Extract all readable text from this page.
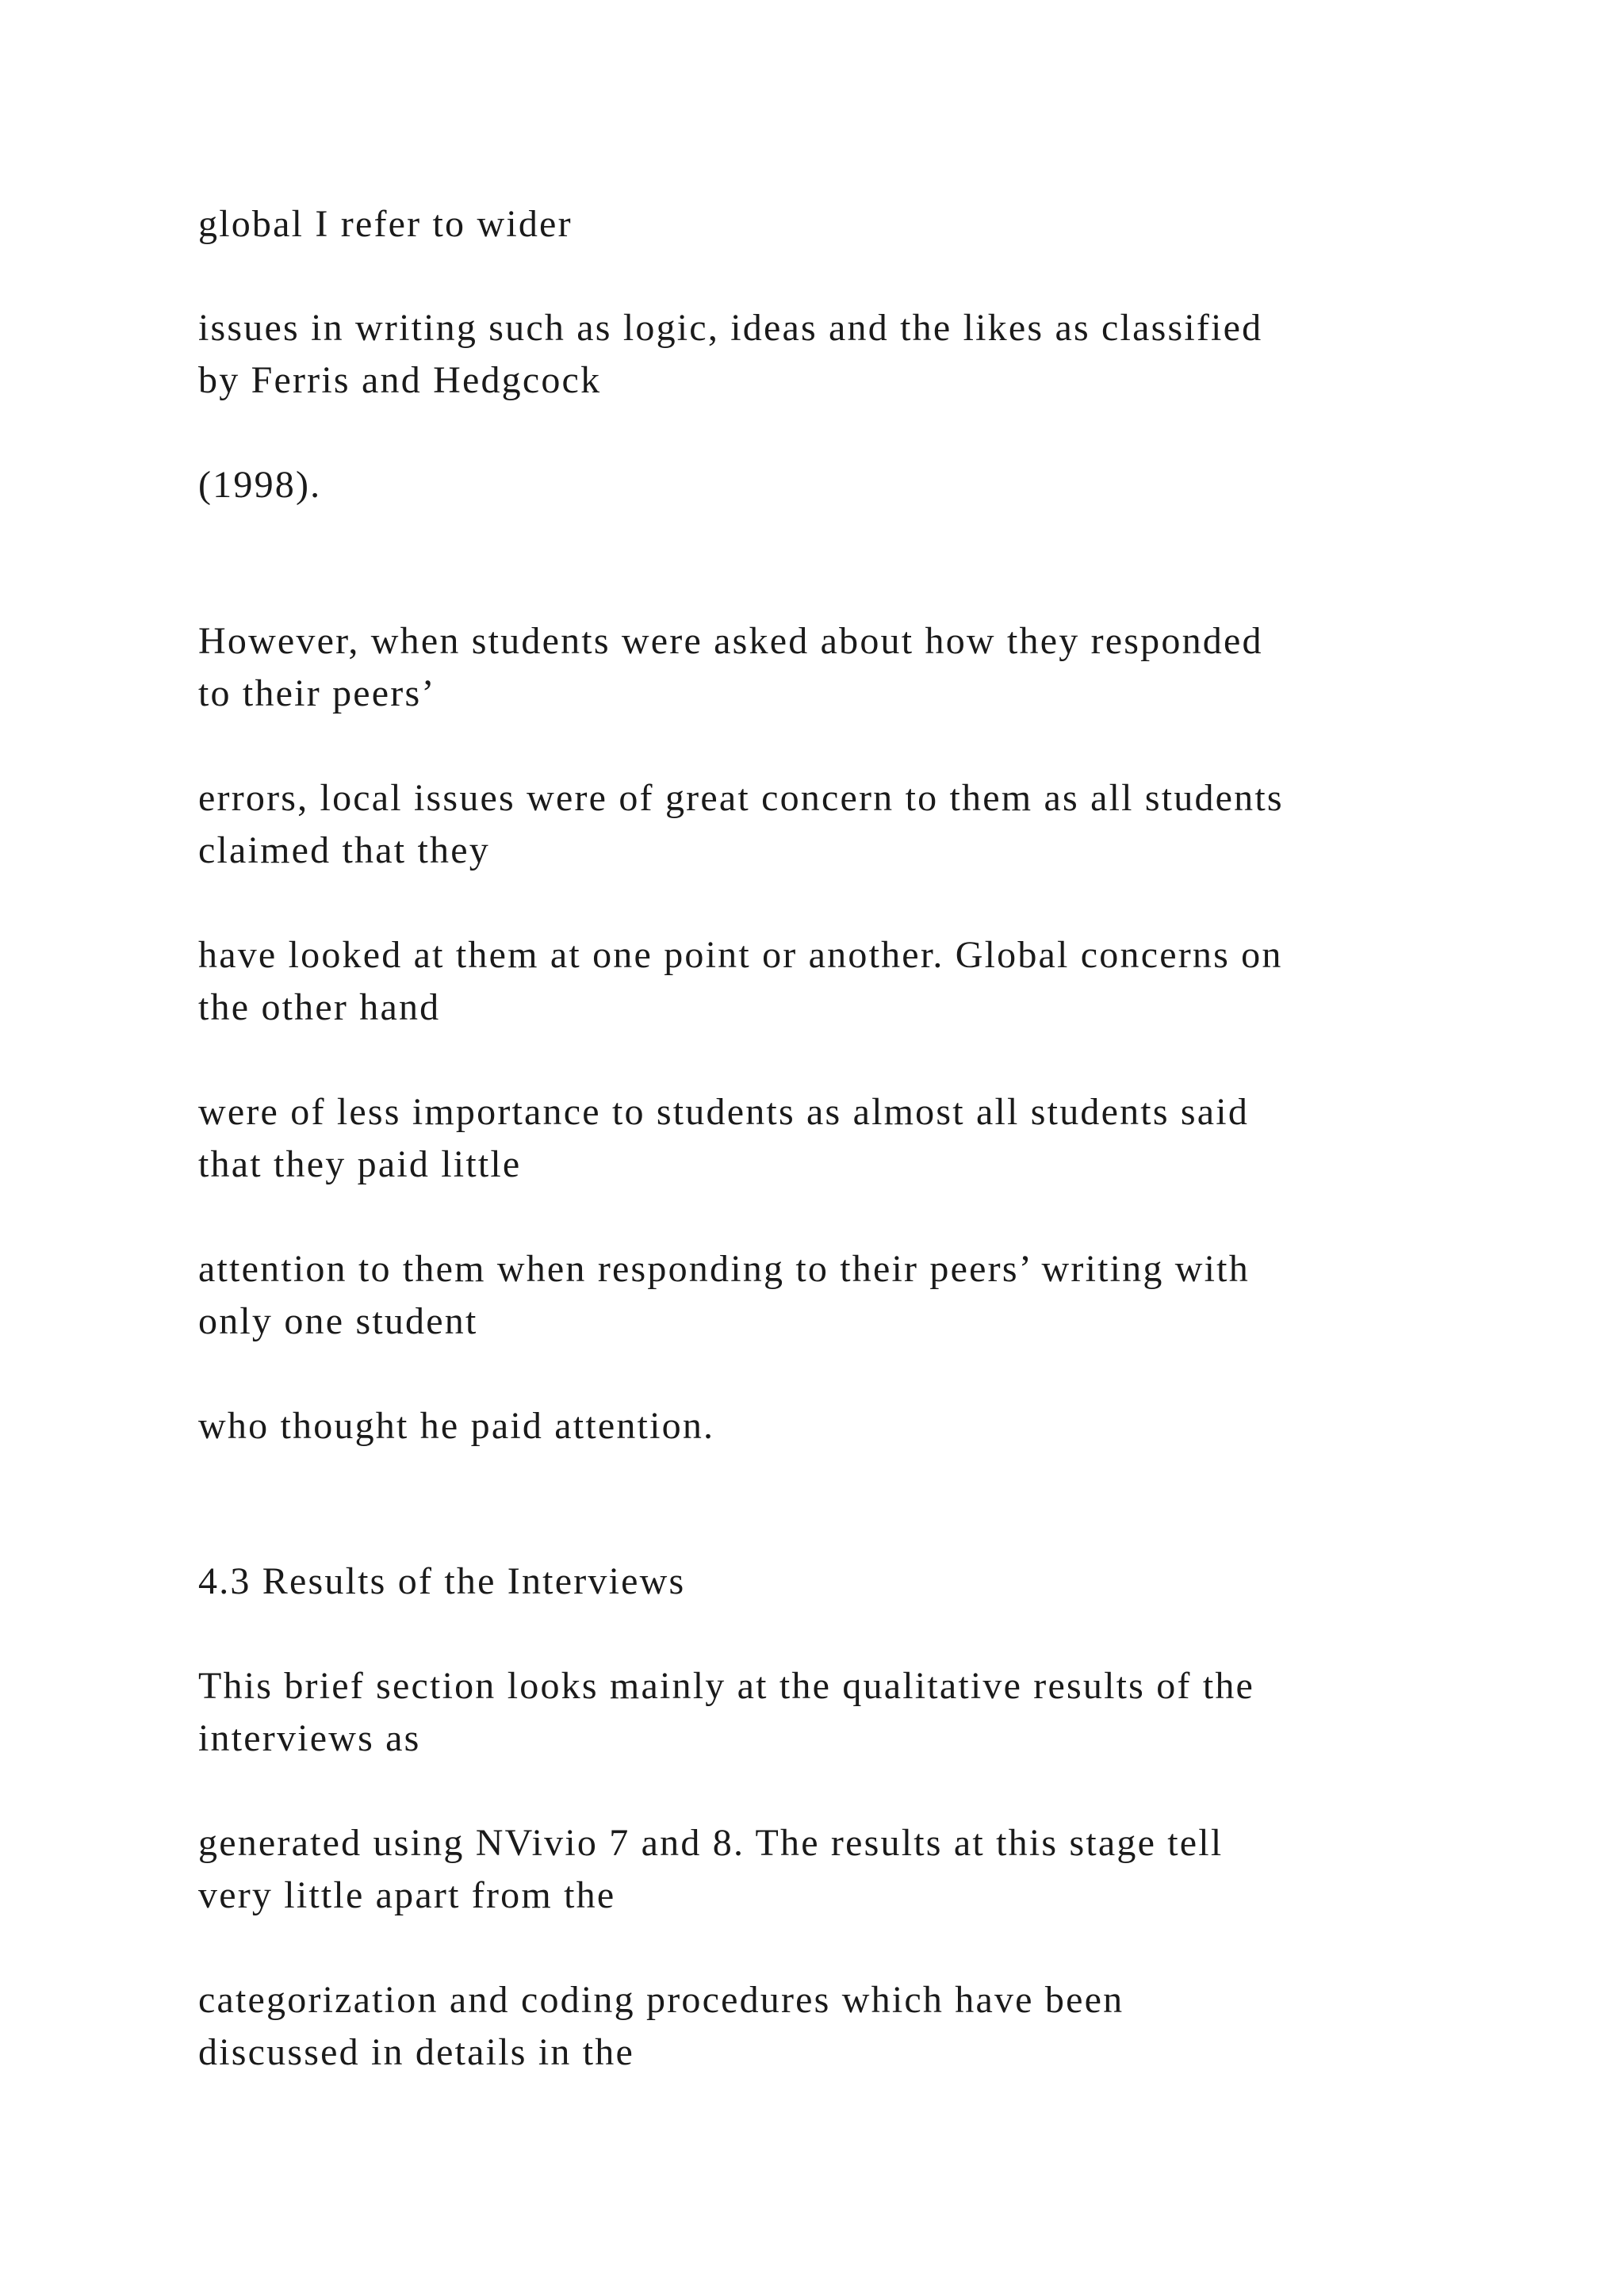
global I refer to wider

issues in writing such as logic, ideas and the likes as classified
by Ferris and Hedgcock

(1998).

However, when students were asked about how they responded
to their peers’

errors, local issues were of great concern to them as all students
claimed that they

have looked at them at one point or another. Global concerns on
the other hand

were of less importance to students as almost all students said
that they paid little

attention to them when responding to their peers’ writing with
only one student

who thought he paid attention.

4.3 Results of the Interviews

This brief section looks mainly at the qualitative results of the
interviews as

generated using NVivio 7 and 8. The results at this stage tell
very little apart from the

categorization and coding procedures which have been
discussed in details in the
